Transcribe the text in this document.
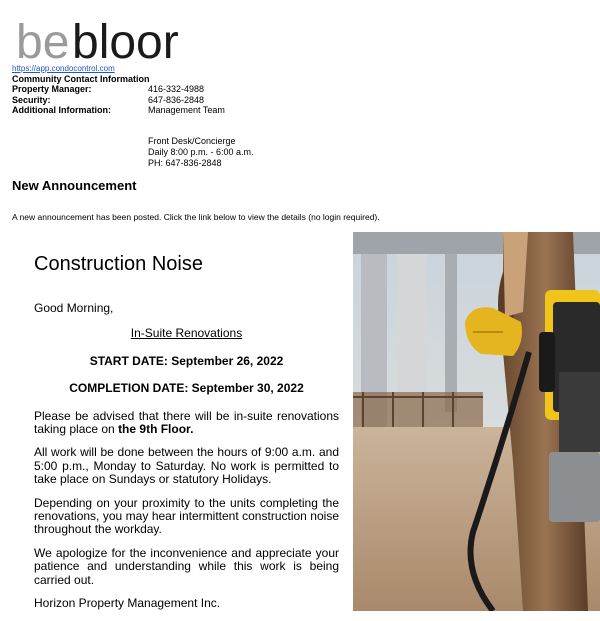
be bloor
https://app.condocontrol.com
Community Contact Information
Property Manager:	416-332-4988
Security:	647-836-2848
Additional Information:	Management Team
Front Desk/Concierge
Daily 8:00 p.m. - 6:00 a.m.
PH: 647-836-2848
New Announcement
A new announcement has been posted. Click the link below to view the details (no login required).
Construction Noise

Good Morning,

In-Suite Renovations

START DATE: September 26, 2022

COMPLETION DATE: September 30, 2022

Please be advised that there will be in-suite renovations taking place on the 9th Floor.

All work will be done between the hours of 9:00 a.m. and 5:00 p.m., Monday to Saturday. No work is permitted to take place on Sundays or statutory Holidays.

Depending on your proximity to the units completing the renovations, you may hear intermittent construction noise throughout the workday.

We apologize for the inconvenience and appreciate your patience and understanding while this work is being carried out.

Horizon Property Management Inc.
